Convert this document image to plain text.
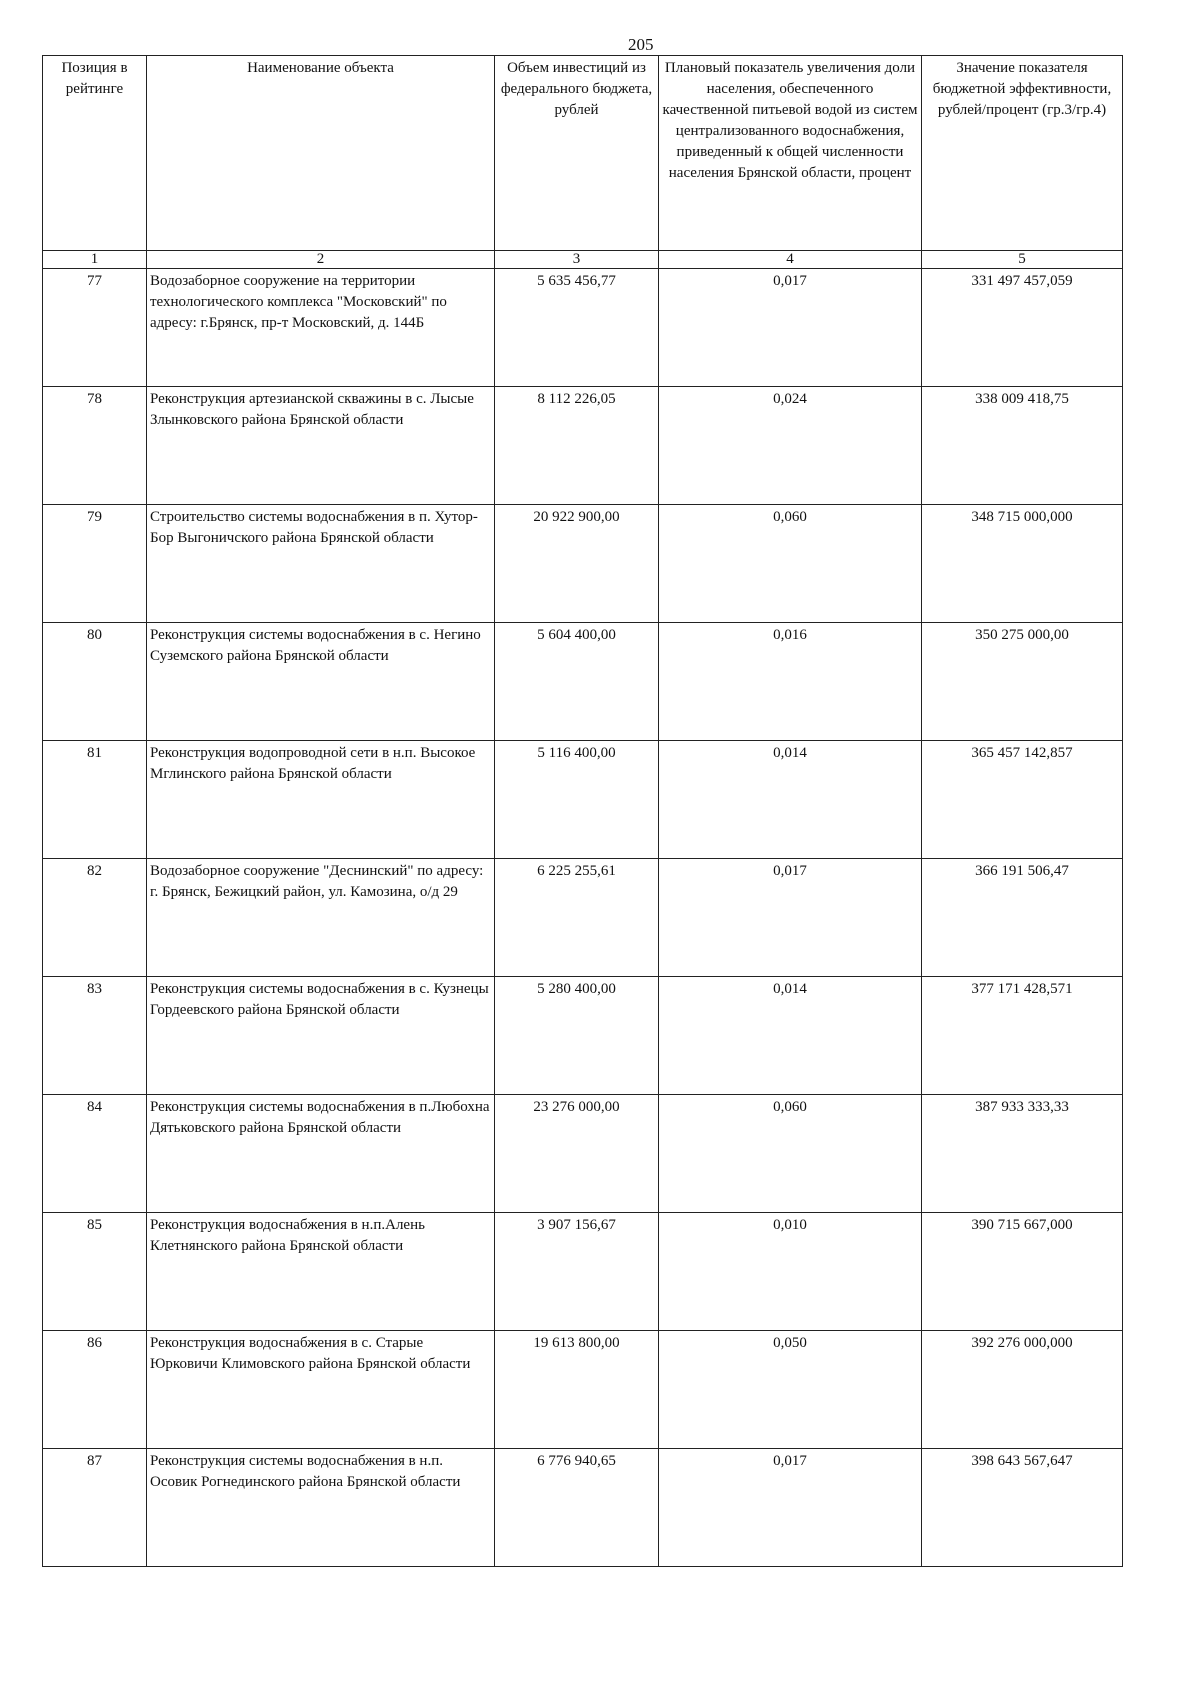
205
Позиция в рейтинге	Наименование объекта	Объем инвестиций из федерального бюджета, рублей	Плановый показатель увеличения доли населения, обеспеченного качественной питьевой водой из систем централизованного водоснабжения, приведенный к общей численности населения Брянской области, процент	Значение показателя бюджетной эффективности, рублей/процент (гр.3/гр.4)
1	2	3	4	5
77	Водозаборное сооружение на территории технологического комплекса "Московский" по адресу: г.Брянск, пр-т Московский, д. 144Б	5 635 456,77	0,017	331 497 457,059
78	Реконструкция артезианской скважины в с. Лысые Злынковского района Брянской области	8 112 226,05	0,024	338 009 418,75
79	Строительство системы водоснабжения в п. Хутор-Бор Выгоничского района Брянской области	20 922 900,00	0,060	348 715 000,000
80	Реконструкция системы водоснабжения в с. Негино Суземского района Брянской области	5 604 400,00	0,016	350 275 000,00
81	Реконструкция водопроводной сети в н.п. Высокое Мглинского района Брянской области	5 116 400,00	0,014	365 457 142,857
82	Водозаборное сооружение "Деснинский" по адресу: г. Брянск, Бежицкий район, ул. Камозина, о/д 29	6 225 255,61	0,017	366 191 506,47
83	Реконструкция системы водоснабжения в с. Кузнецы Гордеевского района Брянской области	5 280 400,00	0,014	377 171 428,571
84	Реконструкция системы водоснабжения в п.Любохна Дятьковского района Брянской области	23 276 000,00	0,060	387 933 333,33
85	Реконструкция водоснабжения в н.п.Алень Клетнянского района Брянской области	3 907 156,67	0,010	390 715 667,000
86	Реконструкция водоснабжения в с. Старые Юрковичи Климовского района Брянской области	19 613 800,00	0,050	392 276 000,000
87	Реконструкция системы водоснабжения в н.п. Осовик Рогнединского района Брянской области	6 776 940,65	0,017	398 643 567,647
